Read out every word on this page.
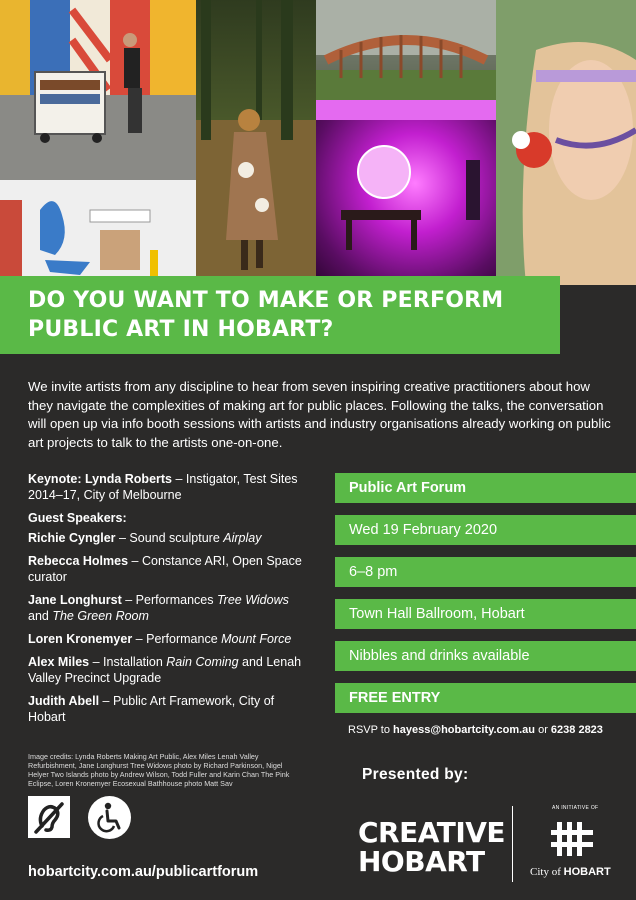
DO YOU WANT TO MAKE OR PERFORM
PUBLIC ART IN HOBART?

We invite artists from any discipline to hear from seven inspiring creative practitioners about how they navigate the complexities of making art for public places. Following the talks, the conversation will open up via info booth sessions with artists and industry organisations already working on public art projects to talk to the artists one-on-one.

Keynote: Lynda Roberts – Instigator, Test Sites 2014–17, City of Melbourne
Guest Speakers:
Richie Cyngler – Sound sculpture Airplay
Rebecca Holmes – Constance ARI, Open Space curator
Jane Longhurst – Performances Tree Widows and The Green Room
Loren Kronemyer – Performance Mount Force
Alex Miles – Installation Rain Coming and Lenah Valley Precinct Upgrade
Judith Abell – Public Art Framework, City of Hobart
Public Art Forum
Wed 19 February 2020
6–8 pm
Town Hall Ballroom, Hobart
Nibbles and drinks available
FREE ENTRY
RSVP to hayess@hobartcity.com.au or 6238 2823

Image credits: Lynda Roberts Making Art Public, Alex Miles Lenah Valley Refurbishment, Jane Longhurst Tree Widows photo by Richard Parkinson, Nigel Helyer Two Islands photo by Andrew Wilson, Todd Fuller and Karin Chan The Pink Eclipse, Loren Kronemyer Ecosexual Bathhouse photo Matt Sav

hobartcity.com.au/publicartforum
Presented by:
CREATIVE
HOBART
AN INITIATIVE OF
City of HOBART
